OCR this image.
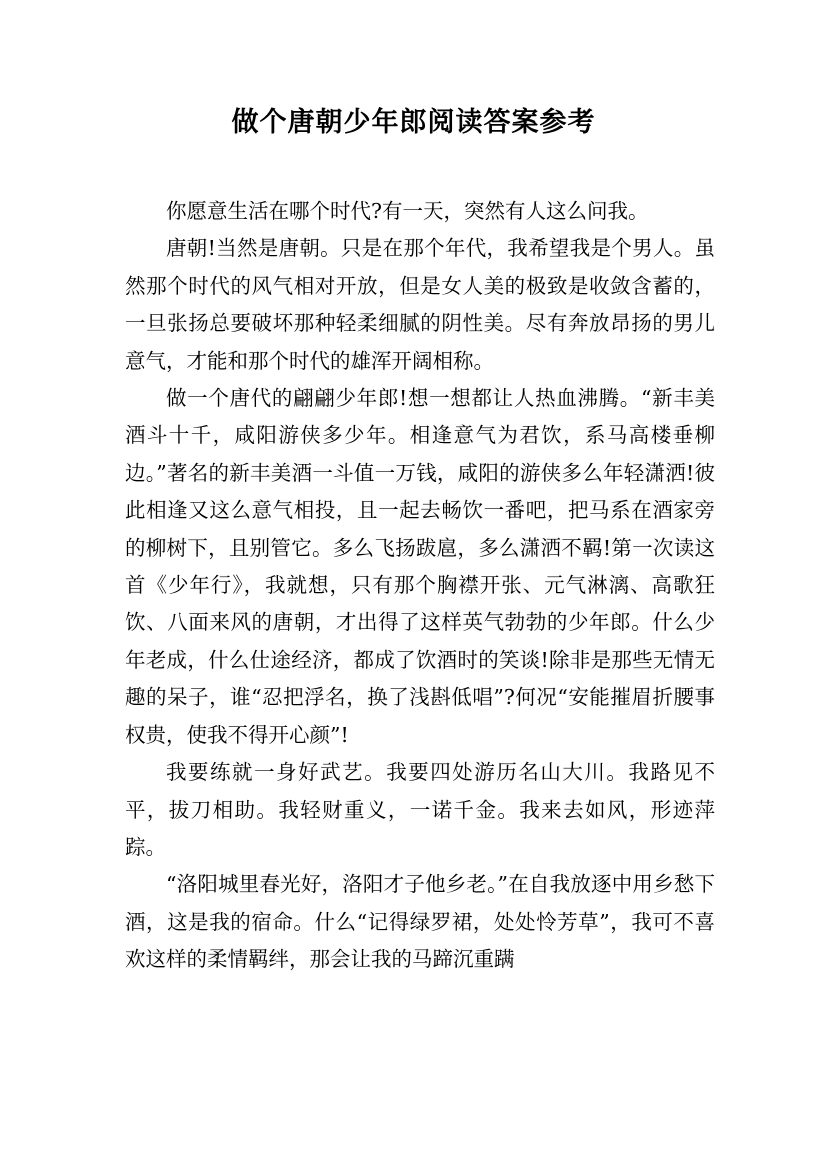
做个唐朝少年郎阅读答案参考

你愿意生活在哪个时代?有一天，突然有人这么问我。

唐朝!当然是唐朝。只是在那个年代，我希望我是个男人。虽然那个时代的风气相对开放，但是女人美的极致是收敛含蓄的，一旦张扬总要破坏那种轻柔细腻的阴性美。尽有奔放昂扬的男儿意气，才能和那个时代的雄浑开阔相称。

做一个唐代的翩翩少年郎!想一想都让人热血沸腾。“新丰美酒斗十千，咸阳游侠多少年。相逢意气为君饮，系马高楼垂柳边。”著名的新丰美酒一斗值一万钱，咸阳的游侠多么年轻潇洒!彼此相逢又这么意气相投，且一起去畅饮一番吧，把马系在酒家旁的柳树下，且别管它。多么飞扬跋扈，多么潇洒不羁!第一次读这首《少年行》，我就想，只有那个胸襟开张、元气淋漓、高歌狂饮、八面来风的唐朝，才出得了这样英气勃勃的少年郎。什么少年老成，什么仕途经济，都成了饮酒时的笑谈!除非是那些无情无趣的呆子，谁“忍把浮名，换了浅斟低唱”?何况“安能摧眉折腰事权贵，使我不得开心颜”!

我要练就一身好武艺。我要四处游历名山大川。我路见不平，拔刀相助。我轻财重义，一诺千金。我来去如风，形迹萍踪。

“洛阳城里春光好，洛阳才子他乡老。”在自我放逐中用乡愁下酒，这是我的宿命。什么“记得绿罗裙，处处怜芳草”，我可不喜欢这样的柔情羁绊，那会让我的马蹄沉重蹒
